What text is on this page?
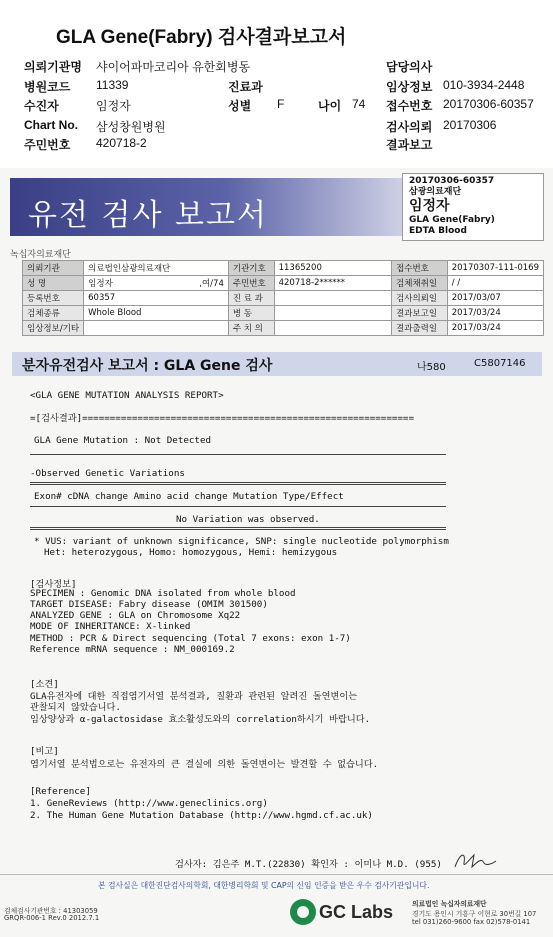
GLA Gene(Fabry) 검사결과보고서
의뢰기관명 샤이어파마코리아 유한회병동	담당의사
병원코드 11339	진료과	임상정보 010-3934-2448
수진자	임정자	성별 F	나이 74 접수번호 20170306-60357
Chart No. 삼성창원병원	검사의뢰 20170306
주민번호 420718-2	결과보고
유전 검사 보고서
20170306-60357
삼광의료재단
임정자
GLA Gene(Fabry)
EDTA Blood
녹십자의료재단
의뢰기관	의료법인삼광의료재단	기관기호	11365200	접수번호	20170307-111-0169
성 명	임정자 ,여/74	주민번호	420718-2******	검체채취일	/ /
등록번호	60357	진 료 과		검사의뢰일	2017/03/07
검체종류	Whole Blood	병 동		결과보고일	2017/03/24
임상정보/기타		주 치 의		결과출력일	2017/03/24
분자유전검사 보고서 : GLA Gene 검사	나580	C5807146
<GLA GENE MUTATION ANALYSIS REPORT>
=[검사결과]============================================================
GLA Gene Mutation : Not Detected
-Observed Genetic Variations
Exon# cDNA change Amino acid change Mutation Type/Effect
No Variation was observed.
* VUS: variant of unknown significance, SNP: single nucleotide polymorphism
Het: heterozygous, Homo: homozygous, Hemi: hemizygous
[검사정보]
SPECIMEN : Genomic DNA isolated from whole blood
TARGET DISEASE: Fabry disease (OMIM 301500)
ANALYZED GENE : GLA on Chromosome Xq22
MODE OF INHERITANCE: X-linked
METHOD : PCR & Direct sequencing (Total 7 exons: exon 1-7)
Reference mRNA sequence : NM_000169.2
[소견]
GLA유전자에 대한 직접염기서열 분석결과, 질환과 관련된 알려진 돌연변이는
관찰되지 않았습니다.
임상양상과 α-galactosidase 효소활성도와의 correlation하시기 바랍니다.
[비고]
염기서열 분석법으로는 유전자의 큰 결실에 의한 돌연변이는 발견할 수 없습니다.
[Reference]
1. GeneReviews (http://www.geneclinics.org)
2. The Human Gene Mutation Database (http://www.hgmd.cf.ac.uk)
검사자: 김은주 M.T.(22830) 확인자 : 이미나 M.D. (955)
본 검사실은 대한진단검사의학회, 대한병리학회 및 CAP의 신임 인증을 받은 우수 검사기관입니다.
검체검사기관번호 : 41303059
GRQR-006-1 Rev.0 2012.7.1	GC Labs	의료법인 녹십자의료재단
경기도 용인시 기흥구 이현로 30번길 107
tel 031)260-9600 fax 02)578-0141
